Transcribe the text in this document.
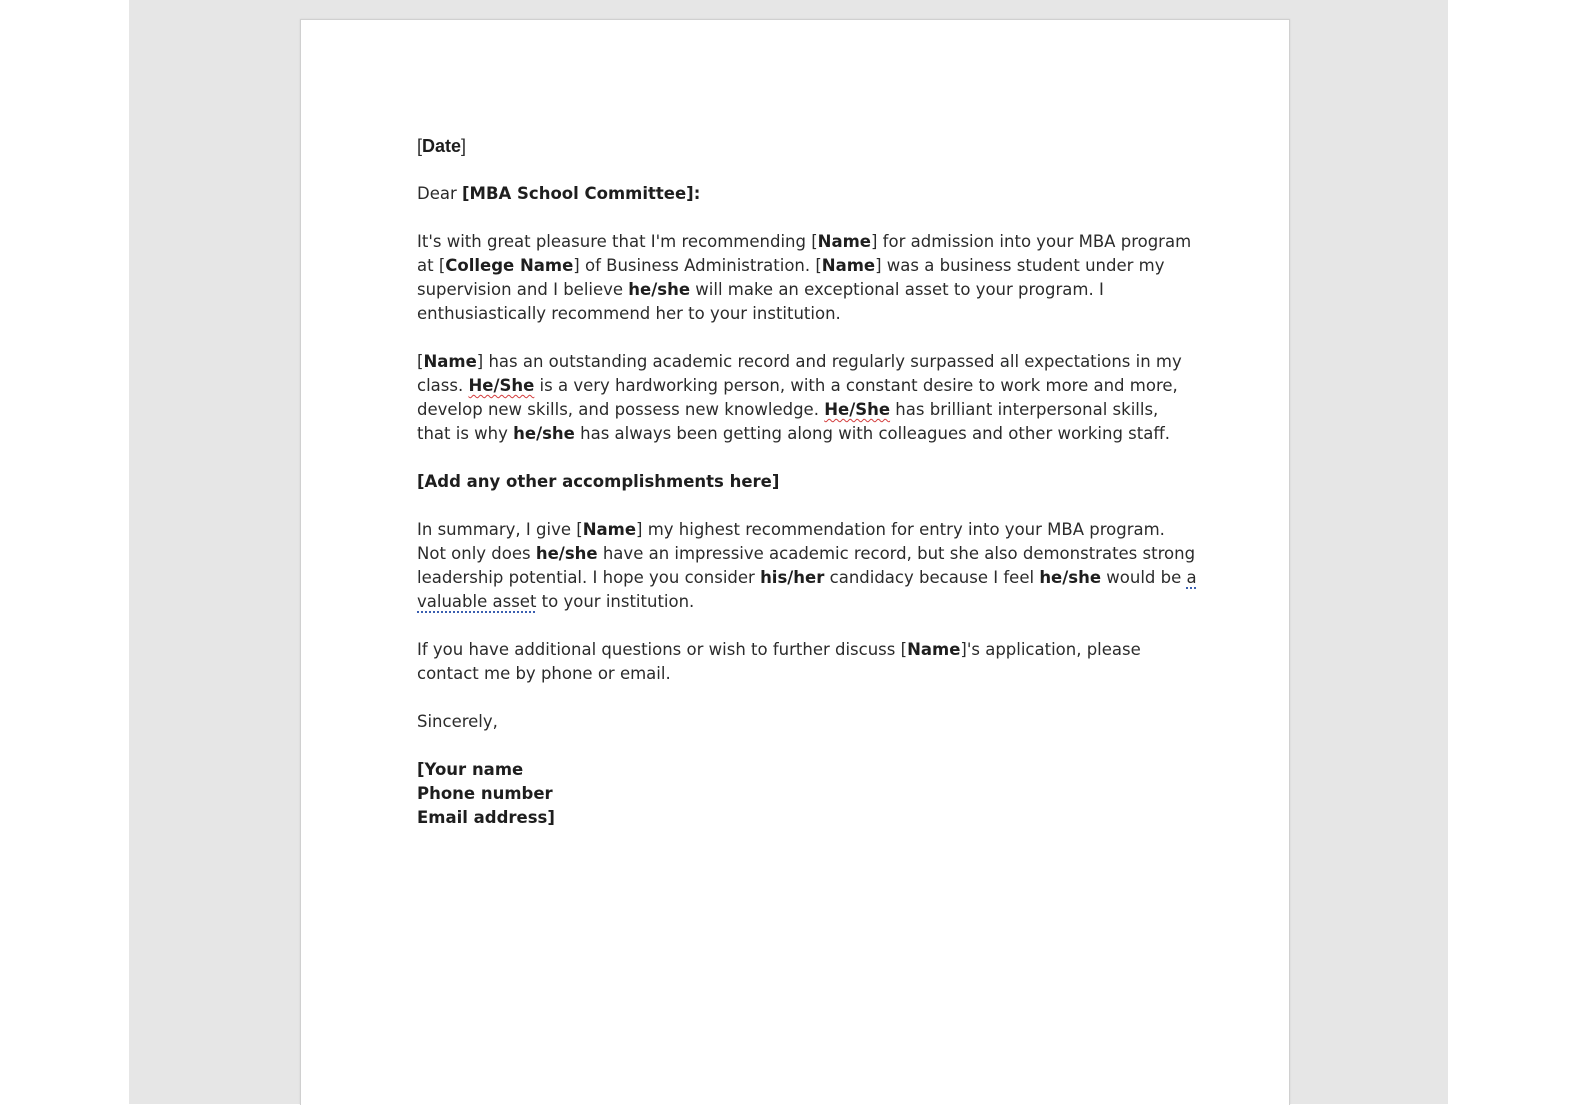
[Date]

Dear [MBA School Committee]:

It's with great pleasure that I'm recommending [Name] for admission into your MBA program at [College Name] of Business Administration. [Name] was a business student under my supervision and I believe he/she will make an exceptional asset to your program. I enthusiastically recommend her to your institution.

[Name] has an outstanding academic record and regularly surpassed all expectations in my class. He/She is a very hardworking person, with a constant desire to work more and more, develop new skills, and possess new knowledge. He/She has brilliant interpersonal skills, that is why he/she has always been getting along with colleagues and other working staff.

[Add any other accomplishments here]

In summary, I give [Name] my highest recommendation for entry into your MBA program. Not only does he/she have an impressive academic record, but she also demonstrates strong leadership potential. I hope you consider his/her candidacy because I feel he/she would be a valuable asset to your institution.

If you have additional questions or wish to further discuss [Name]'s application, please contact me by phone or email.

Sincerely,

[Your name

Phone number

Email address]
